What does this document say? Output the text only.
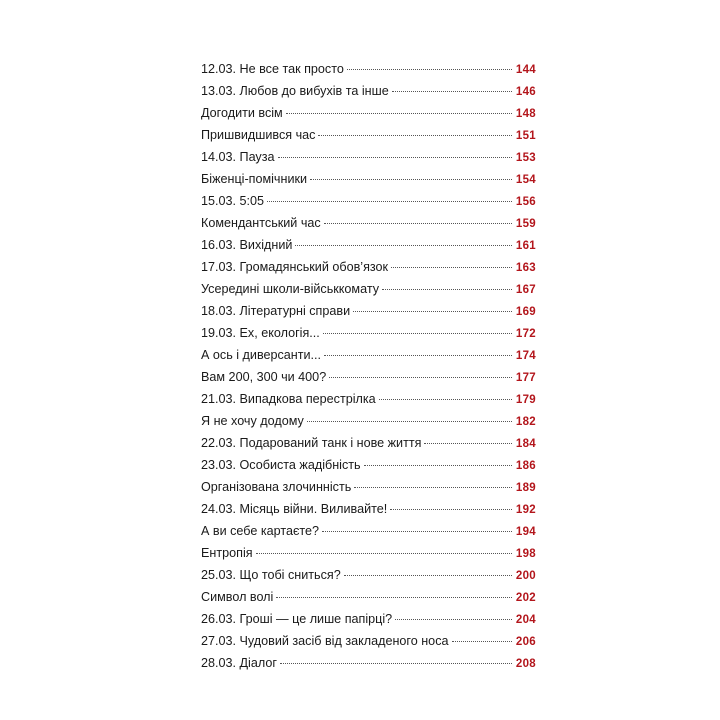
12.03. Не все так просто	144
13.03. Любов до вибухів та інше	146
Догодити всім	148
Пришвидшився час	151
14.03. Пауза	153
Біженці-помічники	154
15.03. 5:05	156
Комендантський час	159
16.03. Вихідний	161
17.03. Громадянський обов’язок	163
Усередині школи-військкомату	167
18.03. Літературні справи	169
19.03. Ех, екологія...	172
А ось і диверсанти...	174
Вам 200, 300 чи 400?	177
21.03. Випадкова перестрілка	179
Я не хочу додому	182
22.03. Подарований танк і нове життя	184
23.03. Особиста жадібність	186
Організована злочинність	189
24.03. Місяць війни. Виливайте!	192
А ви себе картаєте?	194
Ентропія	198
25.03. Що тобі сниться?	200
Символ волі	202
26.03. Гроші — це лише папірці?	204
27.03. Чудовий засіб від закладеного носа	206
28.03. Діалог	208
